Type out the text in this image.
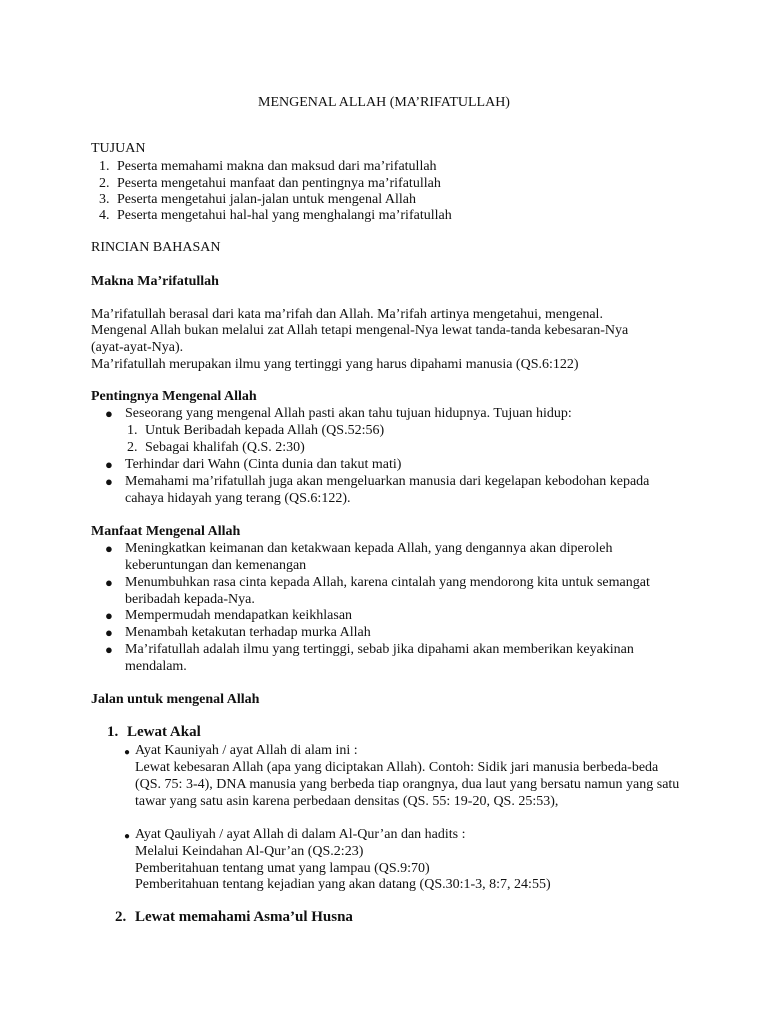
MENGENAL ALLAH (MA’RIFATULLAH)
TUJUAN
1. Peserta memahami makna dan maksud dari ma’rifatullah
2. Peserta mengetahui manfaat dan pentingnya ma’rifatullah
3. Peserta mengetahui jalan-jalan untuk mengenal Allah
4. Peserta mengetahui hal-hal yang menghalangi ma’rifatullah
RINCIAN BAHASAN
Makna Ma’rifatullah
Ma’rifatullah berasal dari kata ma’rifah dan Allah. Ma’rifah artinya mengetahui, mengenal.
Mengenal Allah bukan melalui zat Allah tetapi mengenal-Nya lewat tanda-tanda kebesaran-Nya
(ayat-ayat-Nya).
Ma’rifatullah merupakan ilmu yang tertinggi yang harus dipahami manusia (QS.6:122)
Pentingnya Mengenal Allah
● Seseorang yang mengenal Allah pasti akan tahu tujuan hidupnya. Tujuan hidup:
1. Untuk Beribadah kepada Allah (QS.52:56)
2. Sebagai khalifah (Q.S. 2:30)
● Terhindar dari Wahn (Cinta dunia dan takut mati)
● Memahami ma’rifatullah juga akan mengeluarkan manusia dari kegelapan kebodohan kepada
cahaya hidayah yang terang (QS.6:122).
Manfaat Mengenal Allah
● Meningkatkan keimanan dan ketakwaan kepada Allah, yang dengannya akan diperoleh
keberuntungan dan kemenangan
● Menumbuhkan rasa cinta kepada Allah, karena cintalah yang mendorong kita untuk semangat
beribadah kepada-Nya.
● Mempermudah mendapatkan keikhlasan
● Menambah ketakutan terhadap murka Allah
● Ma’rifatullah adalah ilmu yang tertinggi, sebab jika dipahami akan memberikan keyakinan
mendalam.
Jalan untuk mengenal Allah
1. Lewat Akal
● Ayat Kauniyah / ayat Allah di alam ini :
Lewat kebesaran Allah (apa yang diciptakan Allah). Contoh: Sidik jari manusia berbeda-beda
(QS. 75: 3-4), DNA manusia yang berbeda tiap orangnya, dua laut yang bersatu namun yang satu
tawar yang satu asin karena perbedaan densitas (QS. 55: 19-20, QS. 25:53),
● Ayat Qauliyah / ayat Allah di dalam Al-Qur’an dan hadits :
Melalui Keindahan Al-Qur’an (QS.2:23)
Pemberitahuan tentang umat yang lampau (QS.9:70)
Pemberitahuan tentang kejadian yang akan datang (QS.30:1-3, 8:7, 24:55)
2. Lewat memahami Asma’ul Husna
